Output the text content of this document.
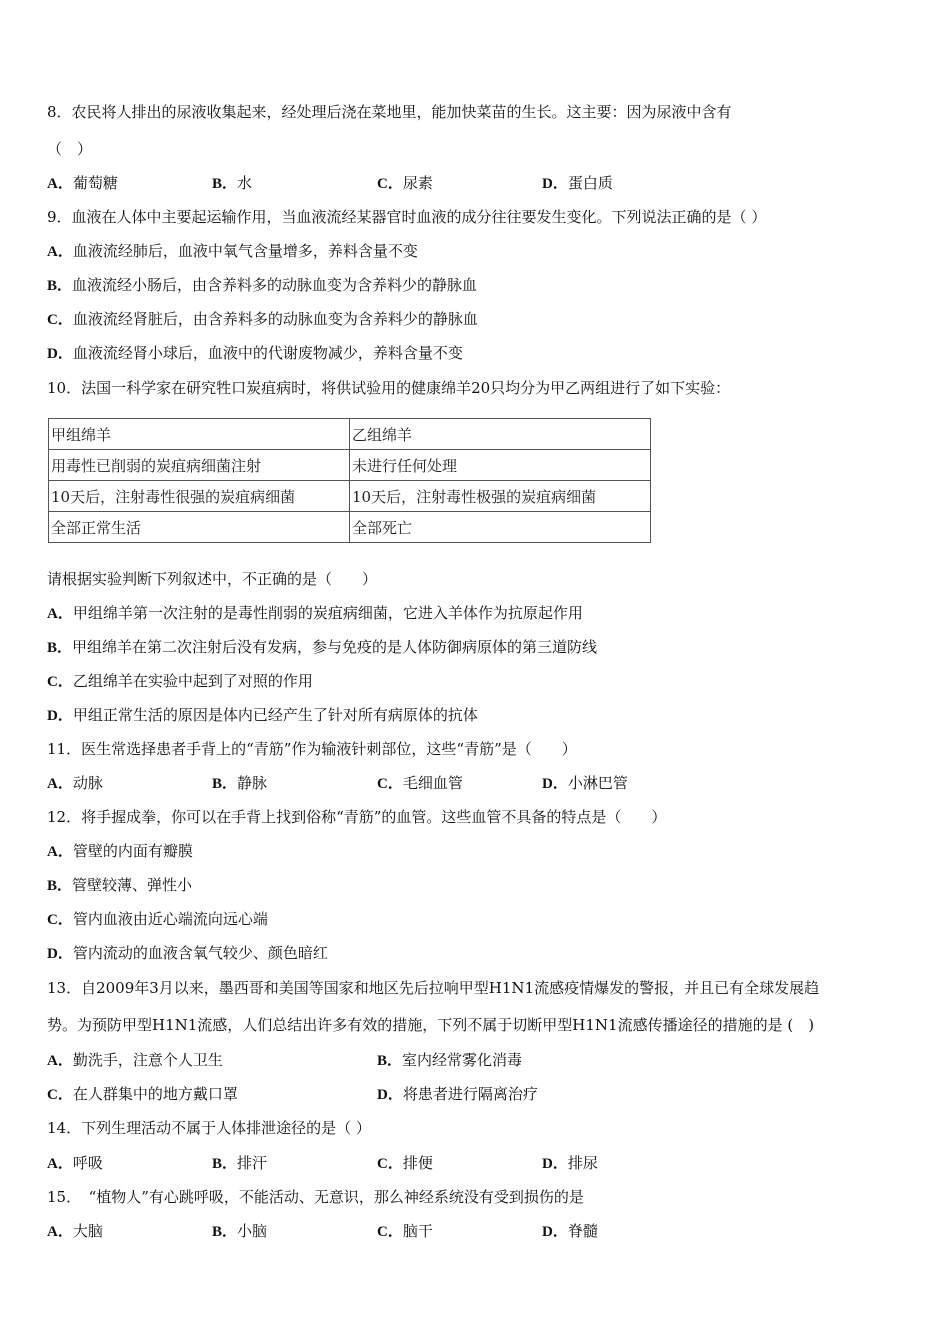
8．农民将人排出的尿液收集起来，经处理后浇在菜地里，能加快菜苗的生长。这主要：因为尿液中含有
（　）
A．葡萄糖	B．水	C．尿素	D．蛋白质
9．血液在人体中主要起运输作用，当血液流经某器官时血液的成分往往要发生变化。下列说法正确的是（ ）
A．血液流经肺后，血液中氧气含量增多，养料含量不变
B．血液流经小肠后，由含养料多的动脉血变为含养料少的静脉血
C．血液流经肾脏后，由含养料多的动脉血变为含养料少的静脉血
D．血液流经肾小球后，血液中的代谢废物减少，养料含量不变
10．法国一科学家在研究牲口炭疽病时，将供试验用的健康绵羊20只均分为甲乙两组进行了如下实验：
甲组绵羊	乙组绵羊
用毒性已削弱的炭疽病细菌注射	未进行任何处理
10天后，注射毒性很强的炭疽病细菌	10天后，注射毒性极强的炭疽病细菌
全部正常生活	全部死亡
请根据实验判断下列叙述中，不正确的是（　　）
A．甲组绵羊第一次注射的是毒性削弱的炭疽病细菌，它进入羊体作为抗原起作用
B．甲组绵羊在第二次注射后没有发病，参与免疫的是人体防御病原体的第三道防线
C．乙组绵羊在实验中起到了对照的作用
D．甲组正常生活的原因是体内已经产生了针对所有病原体的抗体
11．医生常选择患者手背上的“青筋”作为输液针刺部位，这些“青筋”是（　　）
A．动脉	B．静脉	C．毛细血管	D．小淋巴管
12．将手握成拳，你可以在手背上找到俗称“青筋”的血管。这些血管不具备的特点是（　　）
A．管壁的内面有瓣膜
B．管壁较薄、弹性小
C．管内血液由近心端流向远心端
D．管内流动的血液含氧气较少、颜色暗红
13．自2009年3月以来，墨西哥和美国等国家和地区先后拉响甲型H1N1流感疫情爆发的警报，并且已有全球发展趋
势。为预防甲型H1N1流感，人们总结出许多有效的措施，下列不属于切断甲型H1N1流感传播途径的措施的是 (　)
A．勤洗手，注意个人卫生	B．室内经常雾化消毒
C．在人群集中的地方戴口罩	D．将患者进行隔离治疗
14．下列生理活动不属于人体排泄途径的是（ ）
A．呼吸	B．排汗	C．排便	D．排尿
15．　“植物人”有心跳呼吸，不能活动、无意识，那么神经系统没有受到损伤的是
A．大脑	B．小脑	C．脑干	D．脊髓
